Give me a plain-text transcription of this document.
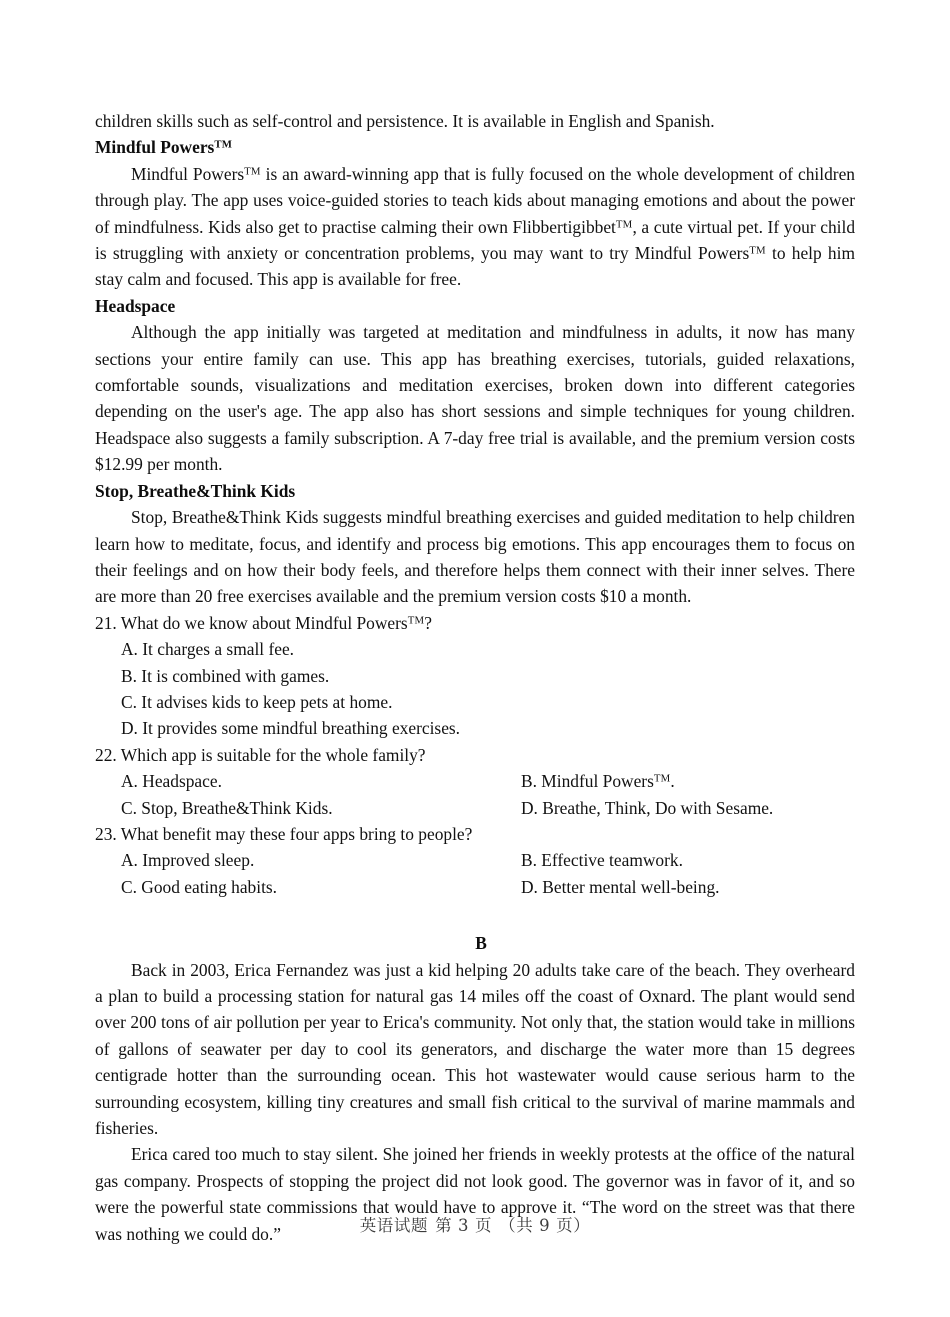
children skills such as self-control and persistence. It is available in English and Spanish.

Mindful Powers™

Mindful Powers™ is an award-winning app that is fully focused on the whole development of children through play. The app uses voice-guided stories to teach kids about managing emotions and about the power of mindfulness. Kids also get to practise calming their own Flibbertigibbet™, a cute virtual pet. If your child is struggling with anxiety or concentration problems, you may want to try Mindful Powers™ to help him stay calm and focused. This app is available for free.

Headspace

Although the app initially was targeted at meditation and mindfulness in adults, it now has many sections your entire family can use. This app has breathing exercises, tutorials, guided relaxations, comfortable sounds, visualizations and meditation exercises, broken down into different categories depending on the user's age. The app also has short sessions and simple techniques for young children. Headspace also suggests a family subscription. A 7-day free trial is available, and the premium version costs $12.99 per month.

Stop, Breathe&Think Kids

Stop, Breathe&Think Kids suggests mindful breathing exercises and guided meditation to help children learn how to meditate, focus, and identify and process big emotions. This app encourages them to focus on their feelings and on how their body feels, and therefore helps them connect with their inner selves. There are more than 20 free exercises available and the premium version costs $10 a month.

21. What do we know about Mindful Powers™?

A. It charges a small fee.

B. It is combined with games.

C. It advises kids to keep pets at home.

D. It provides some mindful breathing exercises.

22. Which app is suitable for the whole family?

A. Headspace.	B. Mindful Powers™.

C. Stop, Breathe&Think Kids.	D. Breathe, Think, Do with Sesame.

23. What benefit may these four apps bring to people?

A. Improved sleep.	B. Effective teamwork.

C. Good eating habits.	D. Better mental well-being.

B

Back in 2003, Erica Fernandez was just a kid helping 20 adults take care of the beach. They overheard a plan to build a processing station for natural gas 14 miles off the coast of Oxnard. The plant would send over 200 tons of air pollution per year to Erica's community. Not only that, the station would take in millions of gallons of seawater per day to cool its generators, and discharge the water more than 15 degrees centigrade hotter than the surrounding ocean. This hot wastewater would cause serious harm to the surrounding ecosystem, killing tiny creatures and small fish critical to the survival of marine mammals and fisheries.

Erica cared too much to stay silent. She joined her friends in weekly protests at the office of the natural gas company. Prospects of stopping the project did not look good. The governor was in favor of it, and so were the powerful state commissions that would have to approve it. “The word on the street was that there was nothing we could do.”	英语试题 第 3 页 （共 9 页）
